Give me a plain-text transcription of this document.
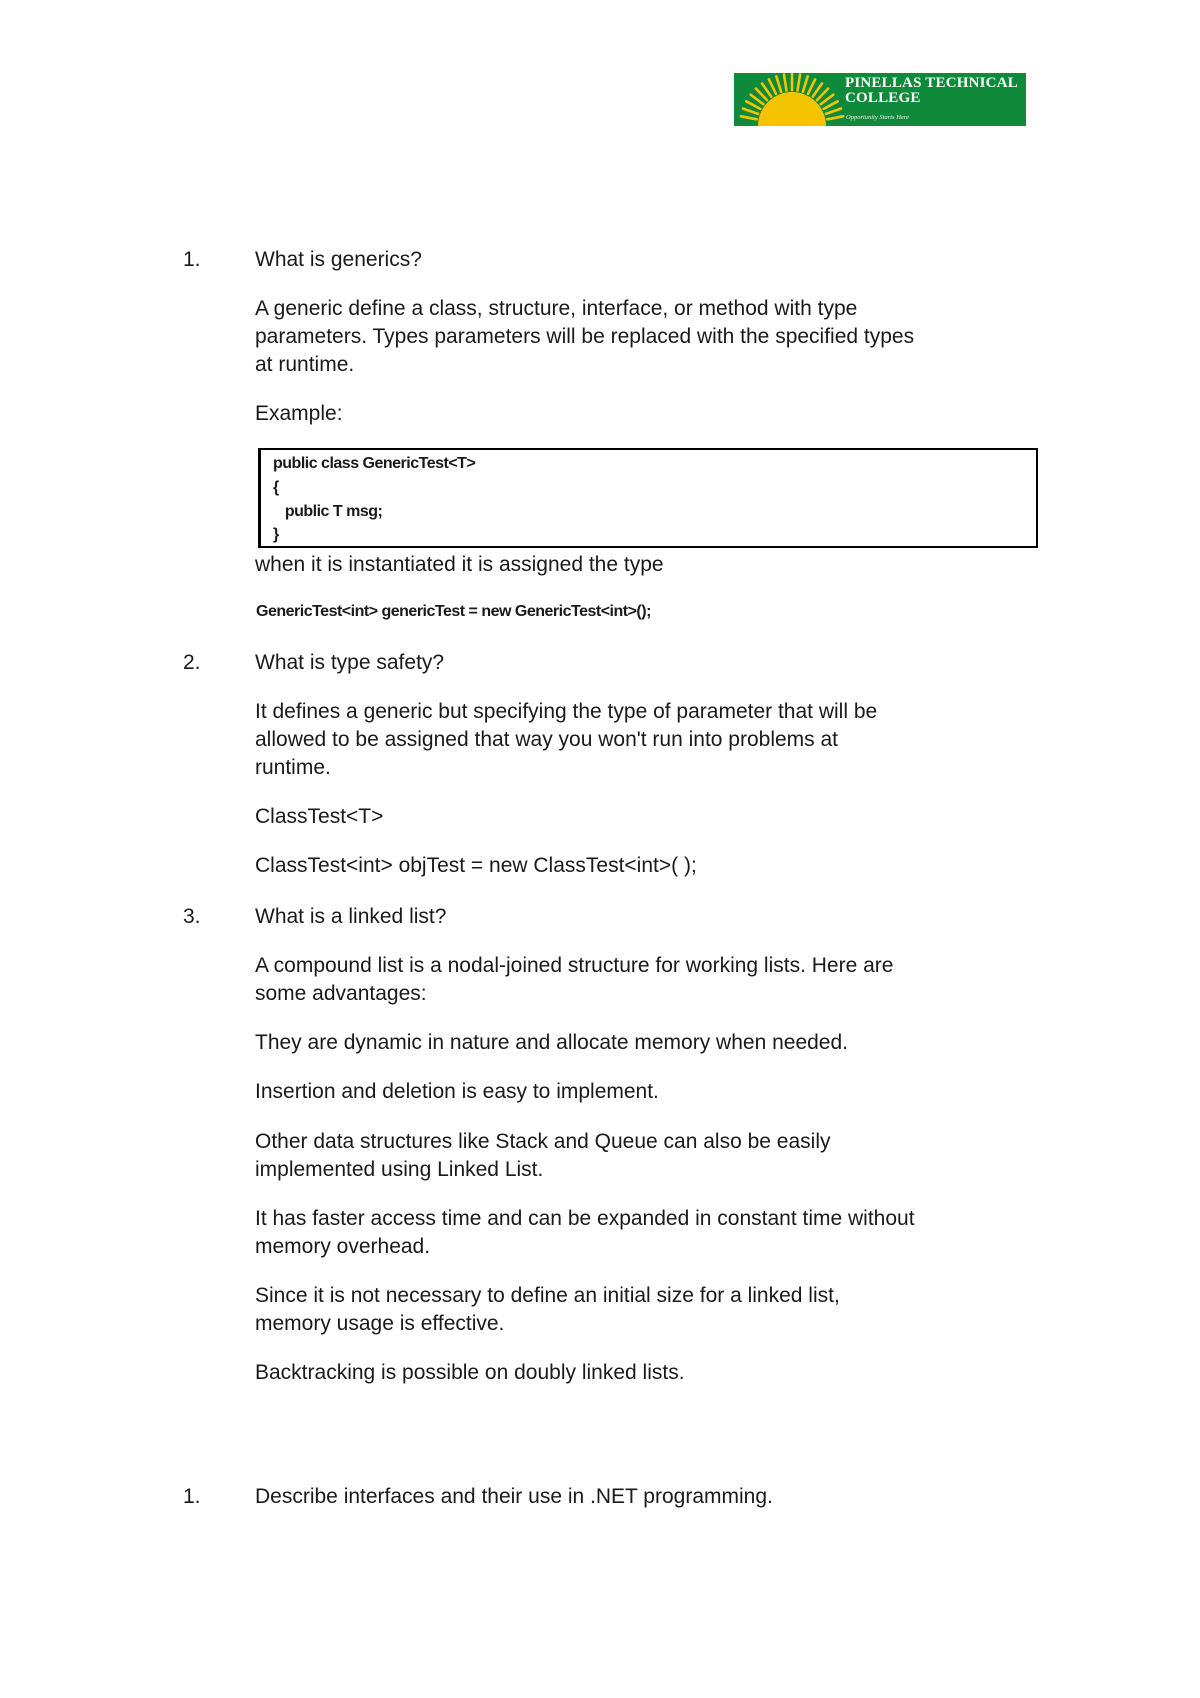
PINELLAS TECHNICAL
COLLEGE
Opportunity Starts Here
1.	What is generics?
A generic define a class, structure, interface, or method with type
parameters. Types parameters will be replaced with the specified types
at runtime.
Example:
public class GenericTest<T>
{
public T msg;
}
when it is instantiated it is assigned the type
GenericTest<int> genericTest = new GenericTest<int>();
2.	What is type safety?
It defines a generic but specifying the type of parameter that will be
allowed to be assigned that way you won't run into problems at
runtime.
ClassTest<T>
ClassTest<int> objTest = new ClassTest<int>( );
3.	What is a linked list?
A compound list is a nodal-joined structure for working lists. Here are
some advantages:
They are dynamic in nature and allocate memory when needed.
Insertion and deletion is easy to implement.
Other data structures like Stack and Queue can also be easily
implemented using Linked List.
It has faster access time and can be expanded in constant time without
memory overhead.
Since it is not necessary to define an initial size for a linked list,
memory usage is effective.
Backtracking is possible on doubly linked lists.
1.	Describe interfaces and their use in .NET programming.
